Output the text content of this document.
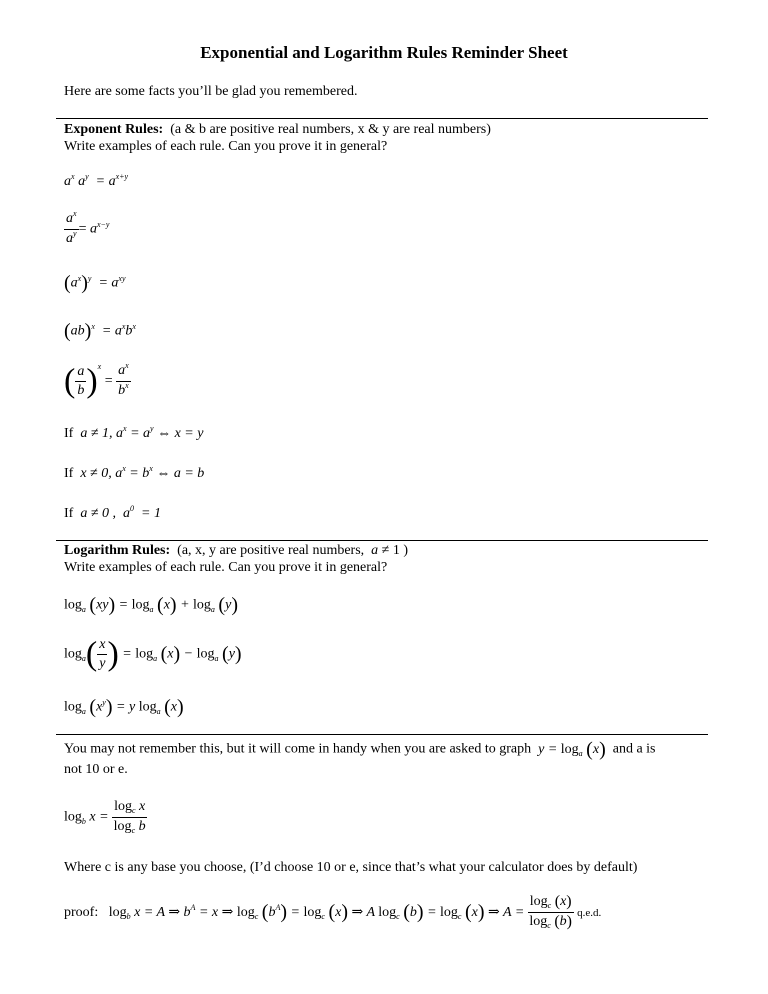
Exponential and Logarithm Rules Reminder Sheet
Here are some facts you’ll be glad you remembered.
Exponent Rules: (a & b are positive real numbers, x & y are real numbers)
Write examples of each rule. Can you prove it in general?
$a^x$ $a^y = a^{x+y}$
$\frac{a^x}{a^y} = a^{x-y}$
$(a^x)^y = a^{xy}$
$(ab)^x = a^xb^x$
( $\frac{a}{b} )^x = \frac{a^x}{b^x}$
If  a ≠ 1, $a^x = a^y$ ⇔ x = y
If  x ≠ 0, $a^x = b^x$ ⇔ a = b
If  a ≠ 0 ,  $a^0 = 1$
Logarithm Rules: (a, x, y are positive real numbers, a ≠ 1 )
Write examples of each rule. Can you prove it in general?
$\log_a (xy) = \log_a (x) + \log_a (y)$
$\log_a( \frac{x}{y}$ ) = $\log_a (x) - \log_a (y)$
$\log_a (x^y) = y$ $\log_a (x)$
You may not remember this, but it will come in handy when you are asked to graph $y = \log_a (x)$ and a is
not 10 or e.
$\log_b x = \frac{\log_c x}{\log_c b}$
Where c is any base you choose, (I’d choose 10 or e, since that’s what your calculator does by default)
proof: $\log_b x = A$ ⇒ $b^A = x$ ⇒ $\log_c (b^A) = \log_c (x)$ ⇒ A $\log_c (b) = \log_c (x)$ ⇒ $A = \frac{\log_c (x)}{\log_c (b)} q.e.d$.
